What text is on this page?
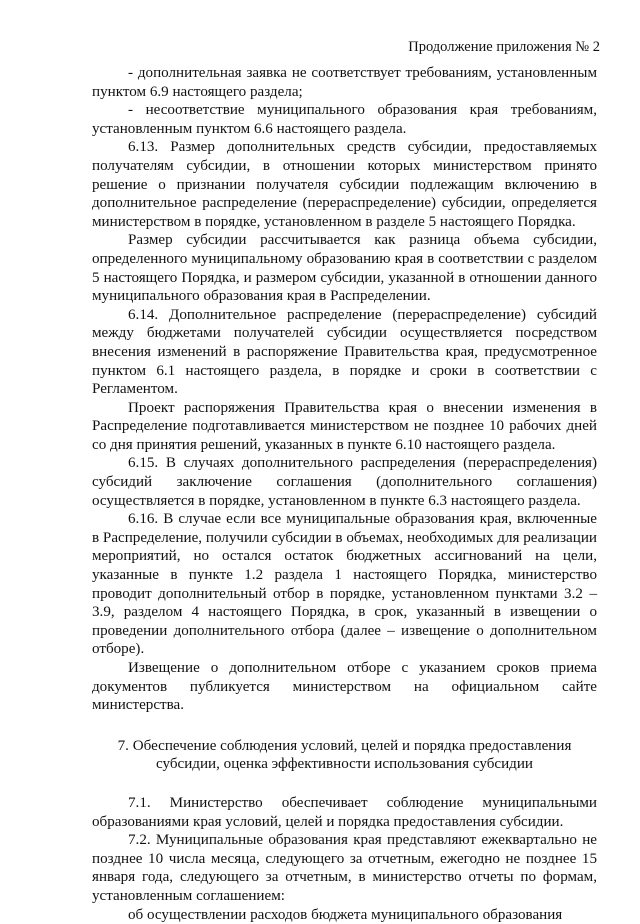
Продолжение приложения № 2

- дополнительная заявка не соответствует требованиям, установленным пунктом 6.9 настоящего раздела;

- несоответствие муниципального образования края требованиям, установленным пунктом 6.6 настоящего раздела.

6.13. Размер дополнительных средств субсидии, предоставляемых получателям субсидии, в отношении которых министерством принято решение о признании получателя субсидии подлежащим включению в дополнительное распределение (перераспределение) субсидии, определяется министерством в порядке, установленном в разделе 5 настоящего Порядка.

Размер субсидии рассчитывается как разница объема субсидии, определенного муниципальному образованию края в соответствии с разделом 5 настоящего Порядка, и размером субсидии, указанной в отношении данного муниципального образования края в Распределении.

6.14. Дополнительное распределение (перераспределение) субсидий между бюджетами получателей субсидии осуществляется посредством внесения изменений в распоряжение Правительства края, предусмотренное пунктом 6.1 настоящего раздела, в порядке и сроки в соответствии с Регламентом.

Проект распоряжения Правительства края о внесении изменения в Распределение подготавливается министерством не позднее 10 рабочих дней со дня принятия решений, указанных в пункте 6.10 настоящего раздела.

6.15. В случаях дополнительного распределения (перераспределения) субсидий заключение соглашения (дополнительного соглашения) осуществляется в порядке, установленном в пункте 6.3 настоящего раздела.

6.16. В случае если все муниципальные образования края, включенные в Распределение, получили субсидии в объемах, необходимых для реализации мероприятий, но остался остаток бюджетных ассигнований на цели, указанные в пункте 1.2 раздела 1 настоящего Порядка, министерство проводит дополнительный отбор в порядке, установленном пунктами 3.2 – 3.9, разделом 4 настоящего Порядка, в срок, указанный в извещении о проведении дополнительного отбора (далее – извещение о дополнительном отборе).

Извещение о дополнительном отборе с указанием сроков приема документов публикуется министерством на официальном сайте министерства.

7. Обеспечение соблюдения условий, целей и порядка предоставления
субсидии, оценка эффективности использования субсидии

7.1. Министерство обеспечивает соблюдение муниципальными образованиями края условий, целей и порядка предоставления субсидии.

7.2. Муниципальные образования края представляют ежеквартально не позднее 10 числа месяца, следующего за отчетным, ежегодно не позднее 15 января года, следующего за отчетным, в министерство отчеты по формам, установленным соглашением:

об осуществлении расходов бюджета муниципального образования
